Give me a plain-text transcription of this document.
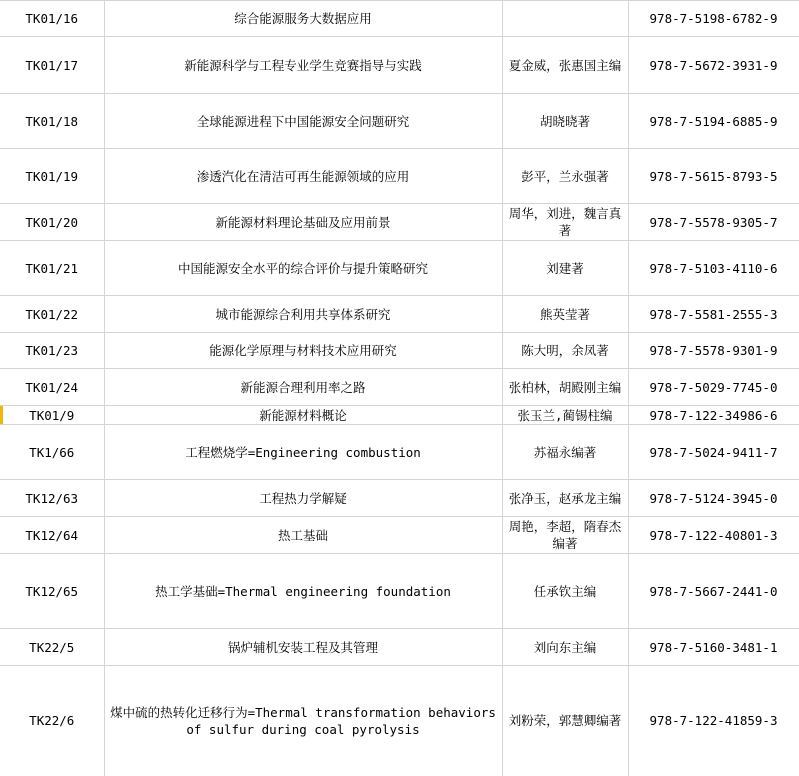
TK01/16	综合能源服务大数据应用		978-7-5198-6782-9
TK01/17	新能源科学与工程专业学生竞赛指导与实践	夏金威，张惠国主编	978-7-5672-3931-9
TK01/18	全球能源进程下中国能源安全问题研究	胡晓晓著	978-7-5194-6885-9
TK01/19	渗透汽化在清洁可再生能源领域的应用	彭平，兰永强著	978-7-5615-8793-5
TK01/20	新能源材料理论基础及应用前景	周华，刘进，魏言真著	978-7-5578-9305-7
TK01/21	中国能源安全水平的综合评价与提升策略研究	刘建著	978-7-5103-4110-6
TK01/22	城市能源综合利用共享体系研究	熊英莹著	978-7-5581-2555-3
TK01/23	能源化学原理与材料技术应用研究	陈大明，余凤著	978-7-5578-9301-9
TK01/24	新能源合理利用率之路	张柏林，胡殿刚主编	978-7-5029-7745-0
TK01/9	新能源材料概论	张玉兰,蔺锡柱编	978-7-122-34986-6
TK1/66	工程燃烧学=Engineering combustion	苏福永编著	978-7-5024-9411-7
TK12/63	工程热力学解疑	张净玉，赵承龙主编	978-7-5124-3945-0
TK12/64	热工基础	周艳，李超，隋春杰编著	978-7-122-40801-3
TK12/65	热工学基础=Thermal engineering foundation	任承钦主编	978-7-5667-2441-0
TK22/5	锅炉辅机安装工程及其管理	刘向东主编	978-7-5160-3481-1
TK22/6	煤中硫的热转化迁移行为=Thermal transformation behaviors of sulfur during coal pyrolysis	刘粉荣，郭慧卿编著	978-7-122-41859-3
